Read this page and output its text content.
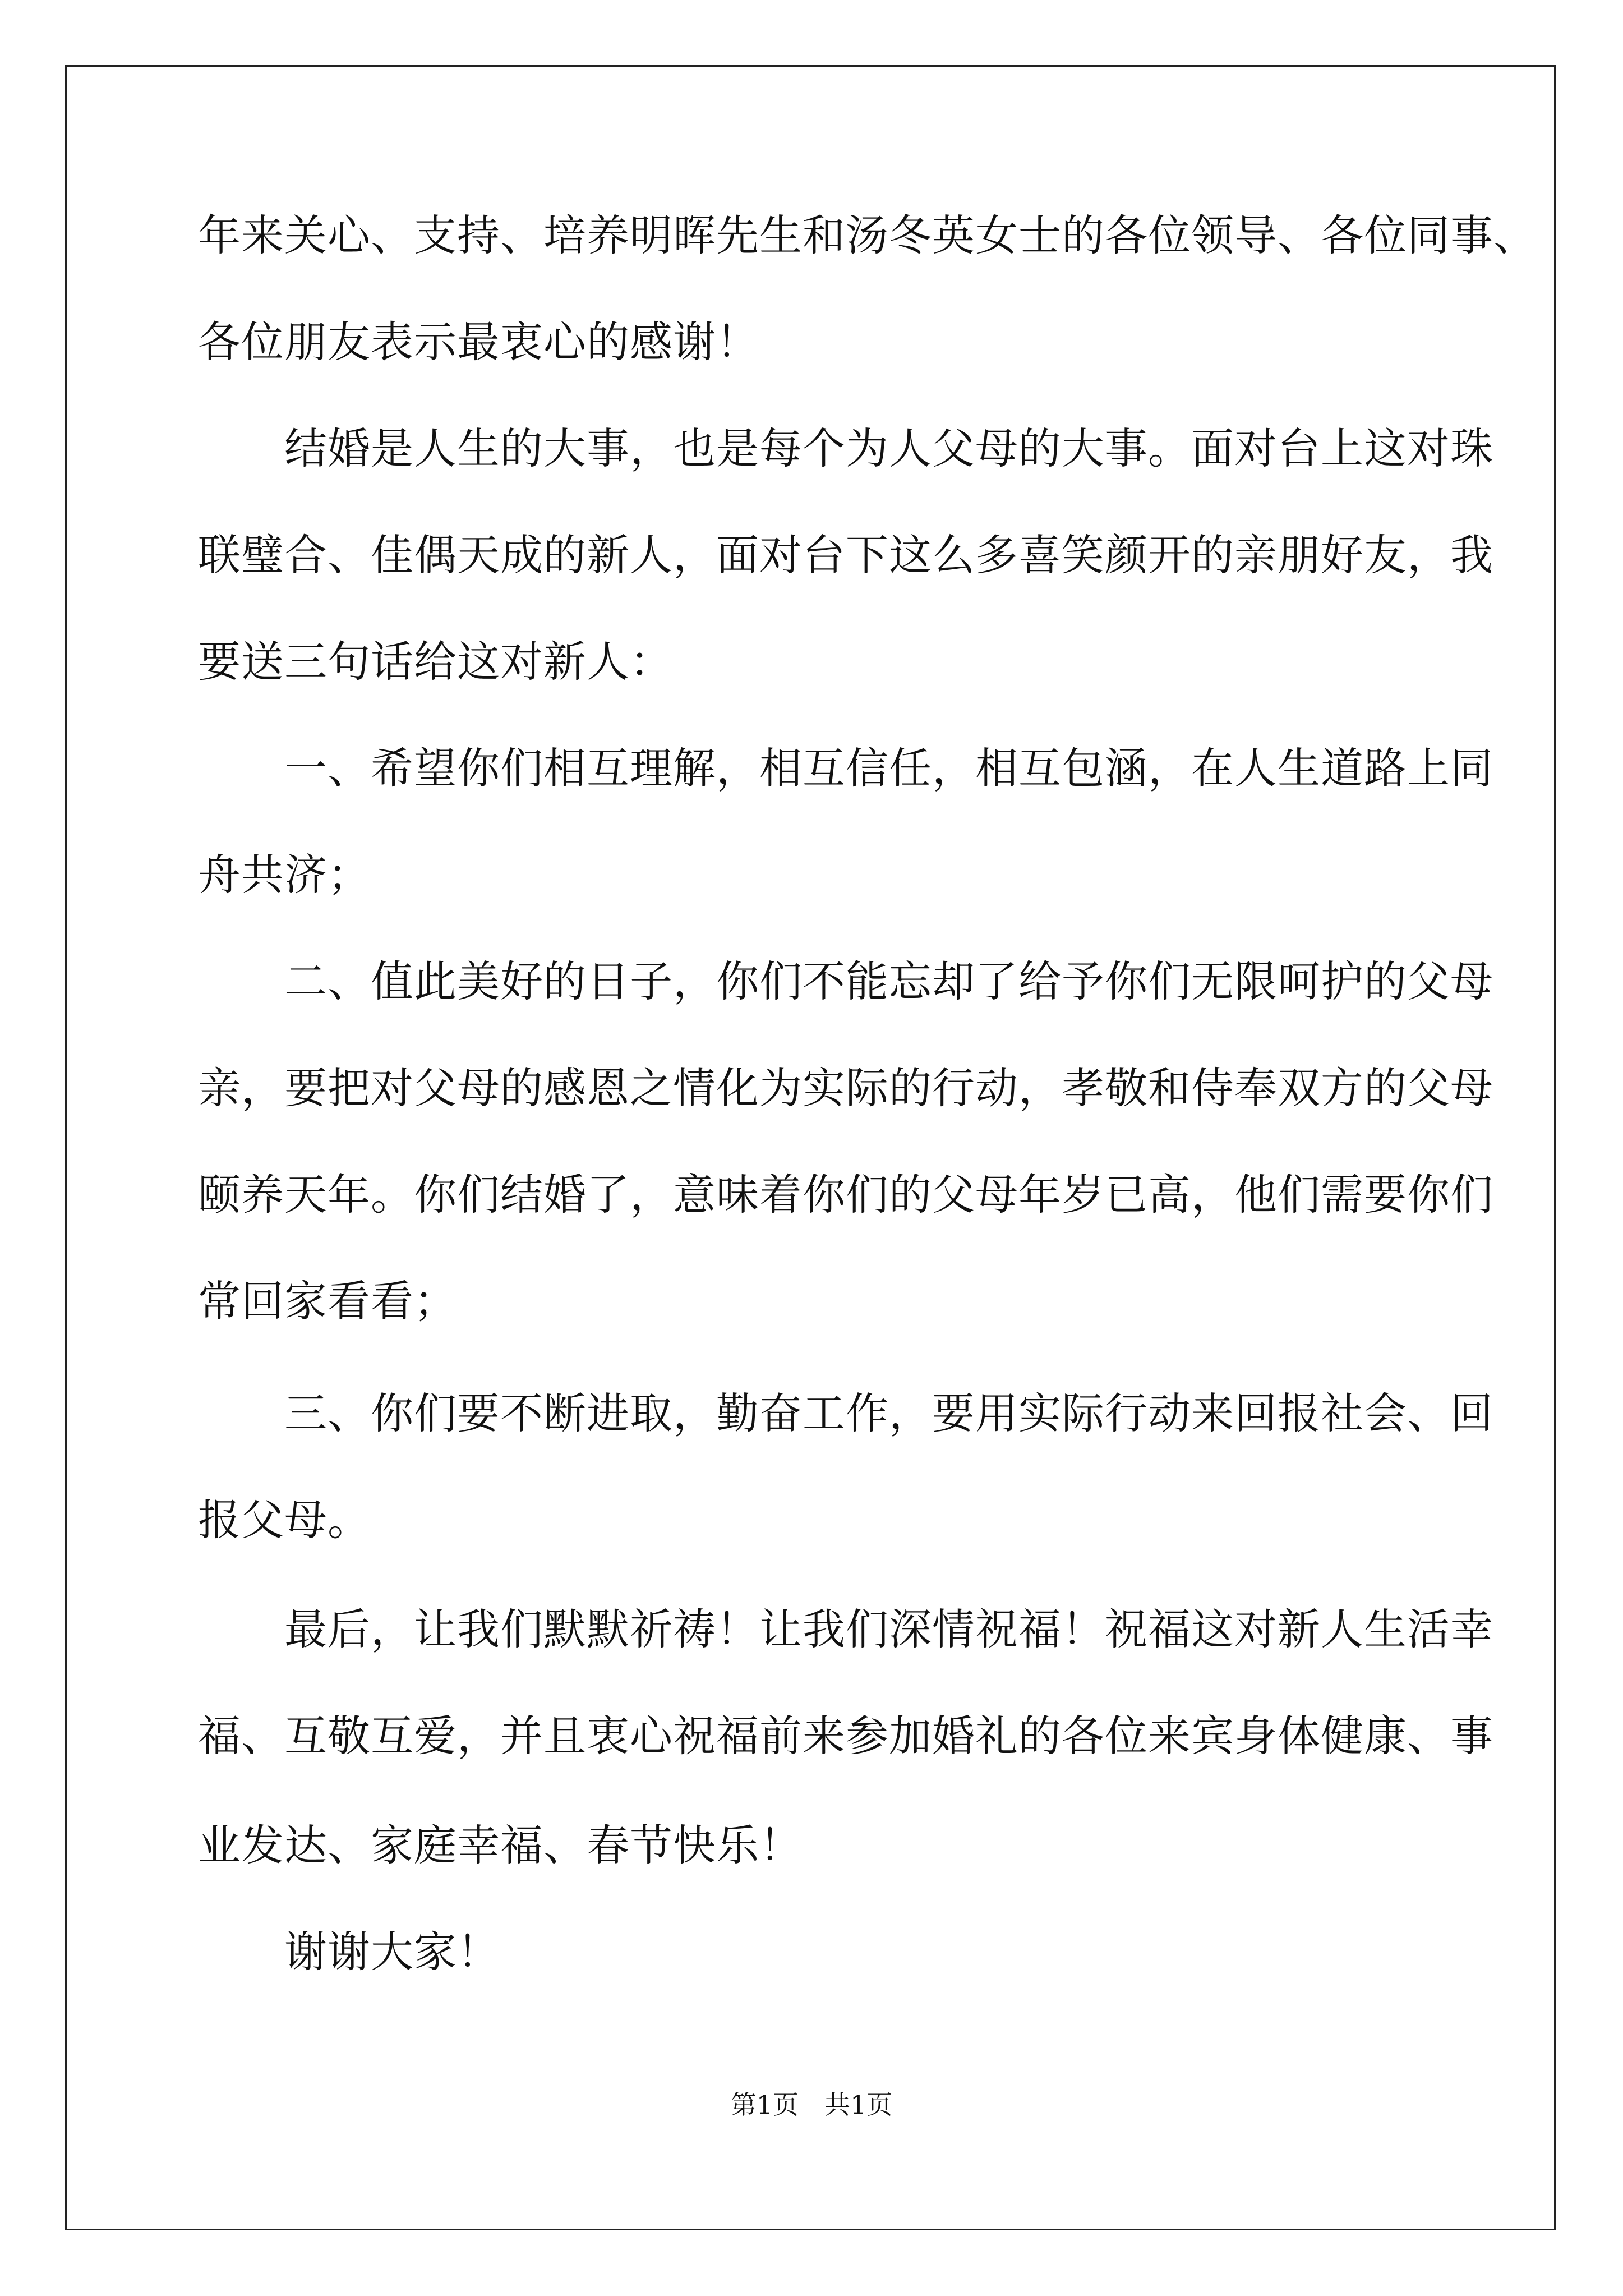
年来关心、支持、培养明晖先生和汤冬英女士的各位领导、各位同事、
各位朋友表示最衷心的感谢！
　　结婚是人生的大事，也是每个为人父母的大事。面对台上这对珠
联璧合、佳偶天成的新人，面对台下这么多喜笑颜开的亲朋好友，我
要送三句话给这对新人：
　　一、希望你们相互理解，相互信任，相互包涵，在人生道路上同
舟共济；
　　二、值此美好的日子，你们不能忘却了给予你们无限呵护的父母
亲，要把对父母的感恩之情化为实际的行动，孝敬和侍奉双方的父母
颐养天年。你们结婚了，意味着你们的父母年岁已高，他们需要你们
常回家看看；
　　三、你们要不断进取，勤奋工作，要用实际行动来回报社会、回
报父母。
　　最后，让我们默默祈祷！让我们深情祝福！祝福这对新人生活幸
福、互敬互爱，并且衷心祝福前来参加婚礼的各位来宾身体健康、事
业发达、家庭幸福、春节快乐！
　　谢谢大家！
第1页　共1页
